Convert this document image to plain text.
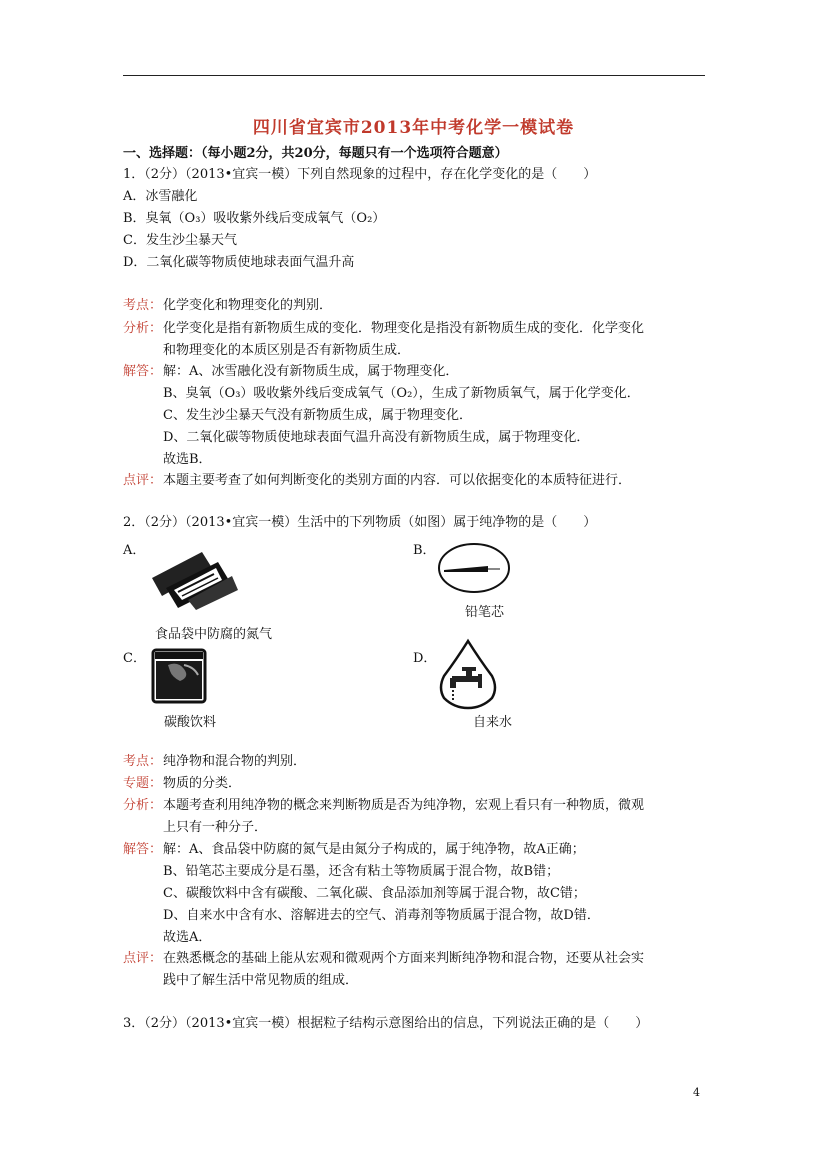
四川省宜宾市2013年中考化学一模试卷
一、选择题：（每小题2分，共20分，每题只有一个选项符合题意）
1．（2分）（2013•宜宾一模）下列自然现象的过程中，存在化学变化的是（　　）
A．冰雪融化
B．臭氧（O₃）吸收紫外线后变成氧气（O₂）
C．发生沙尘暴天气
D．二氧化碳等物质使地球表面气温升高
考点： 化学变化和物理变化的判别．
分析： 化学变化是指有新物质生成的变化．物理变化是指没有新物质生成的变化．化学变化
和物理变化的本质区别是否有新物质生成．
解答： 解：A、冰雪融化没有新物质生成，属于物理变化．
B、臭氧（O₃）吸收紫外线后变成氧气（O₂），生成了新物质氧气，属于化学变化．
C、发生沙尘暴天气没有新物质生成，属于物理变化．
D、二氧化碳等物质使地球表面气温升高没有新物质生成，属于物理变化．
故选B．
点评： 本题主要考查了如何判断变化的类别方面的内容．可以依据变化的本质特征进行．
2．（2分）（2013•宜宾一模）生活中的下列物质（如图）属于纯净物的是（　　）
A．
食品袋中防腐的氮气
B．
铅笔芯
C．
碳酸饮料
D．
自来水
考点： 纯净物和混合物的判别．
专题： 物质的分类．
分析： 本题考查利用纯净物的概念来判断物质是否为纯净物，宏观上看只有一种物质，微观
上只有一种分子．
解答： 解：A、食品袋中防腐的氮气是由氮分子构成的，属于纯净物，故A正确；
B、铅笔芯主要成分是石墨，还含有粘土等物质属于混合物，故B错；
C、碳酸饮料中含有碳酸、二氧化碳、食品添加剂等属于混合物，故C错；
D、自来水中含有水、溶解进去的空气、消毒剂等物质属于混合物，故D错．
故选A．
点评： 在熟悉概念的基础上能从宏观和微观两个方面来判断纯净物和混合物，还要从社会实
践中了解生活中常见物质的组成．
3．（2分）（2013•宜宾一模）根据粒子结构示意图给出的信息，下列说法正确的是（　　）
4
